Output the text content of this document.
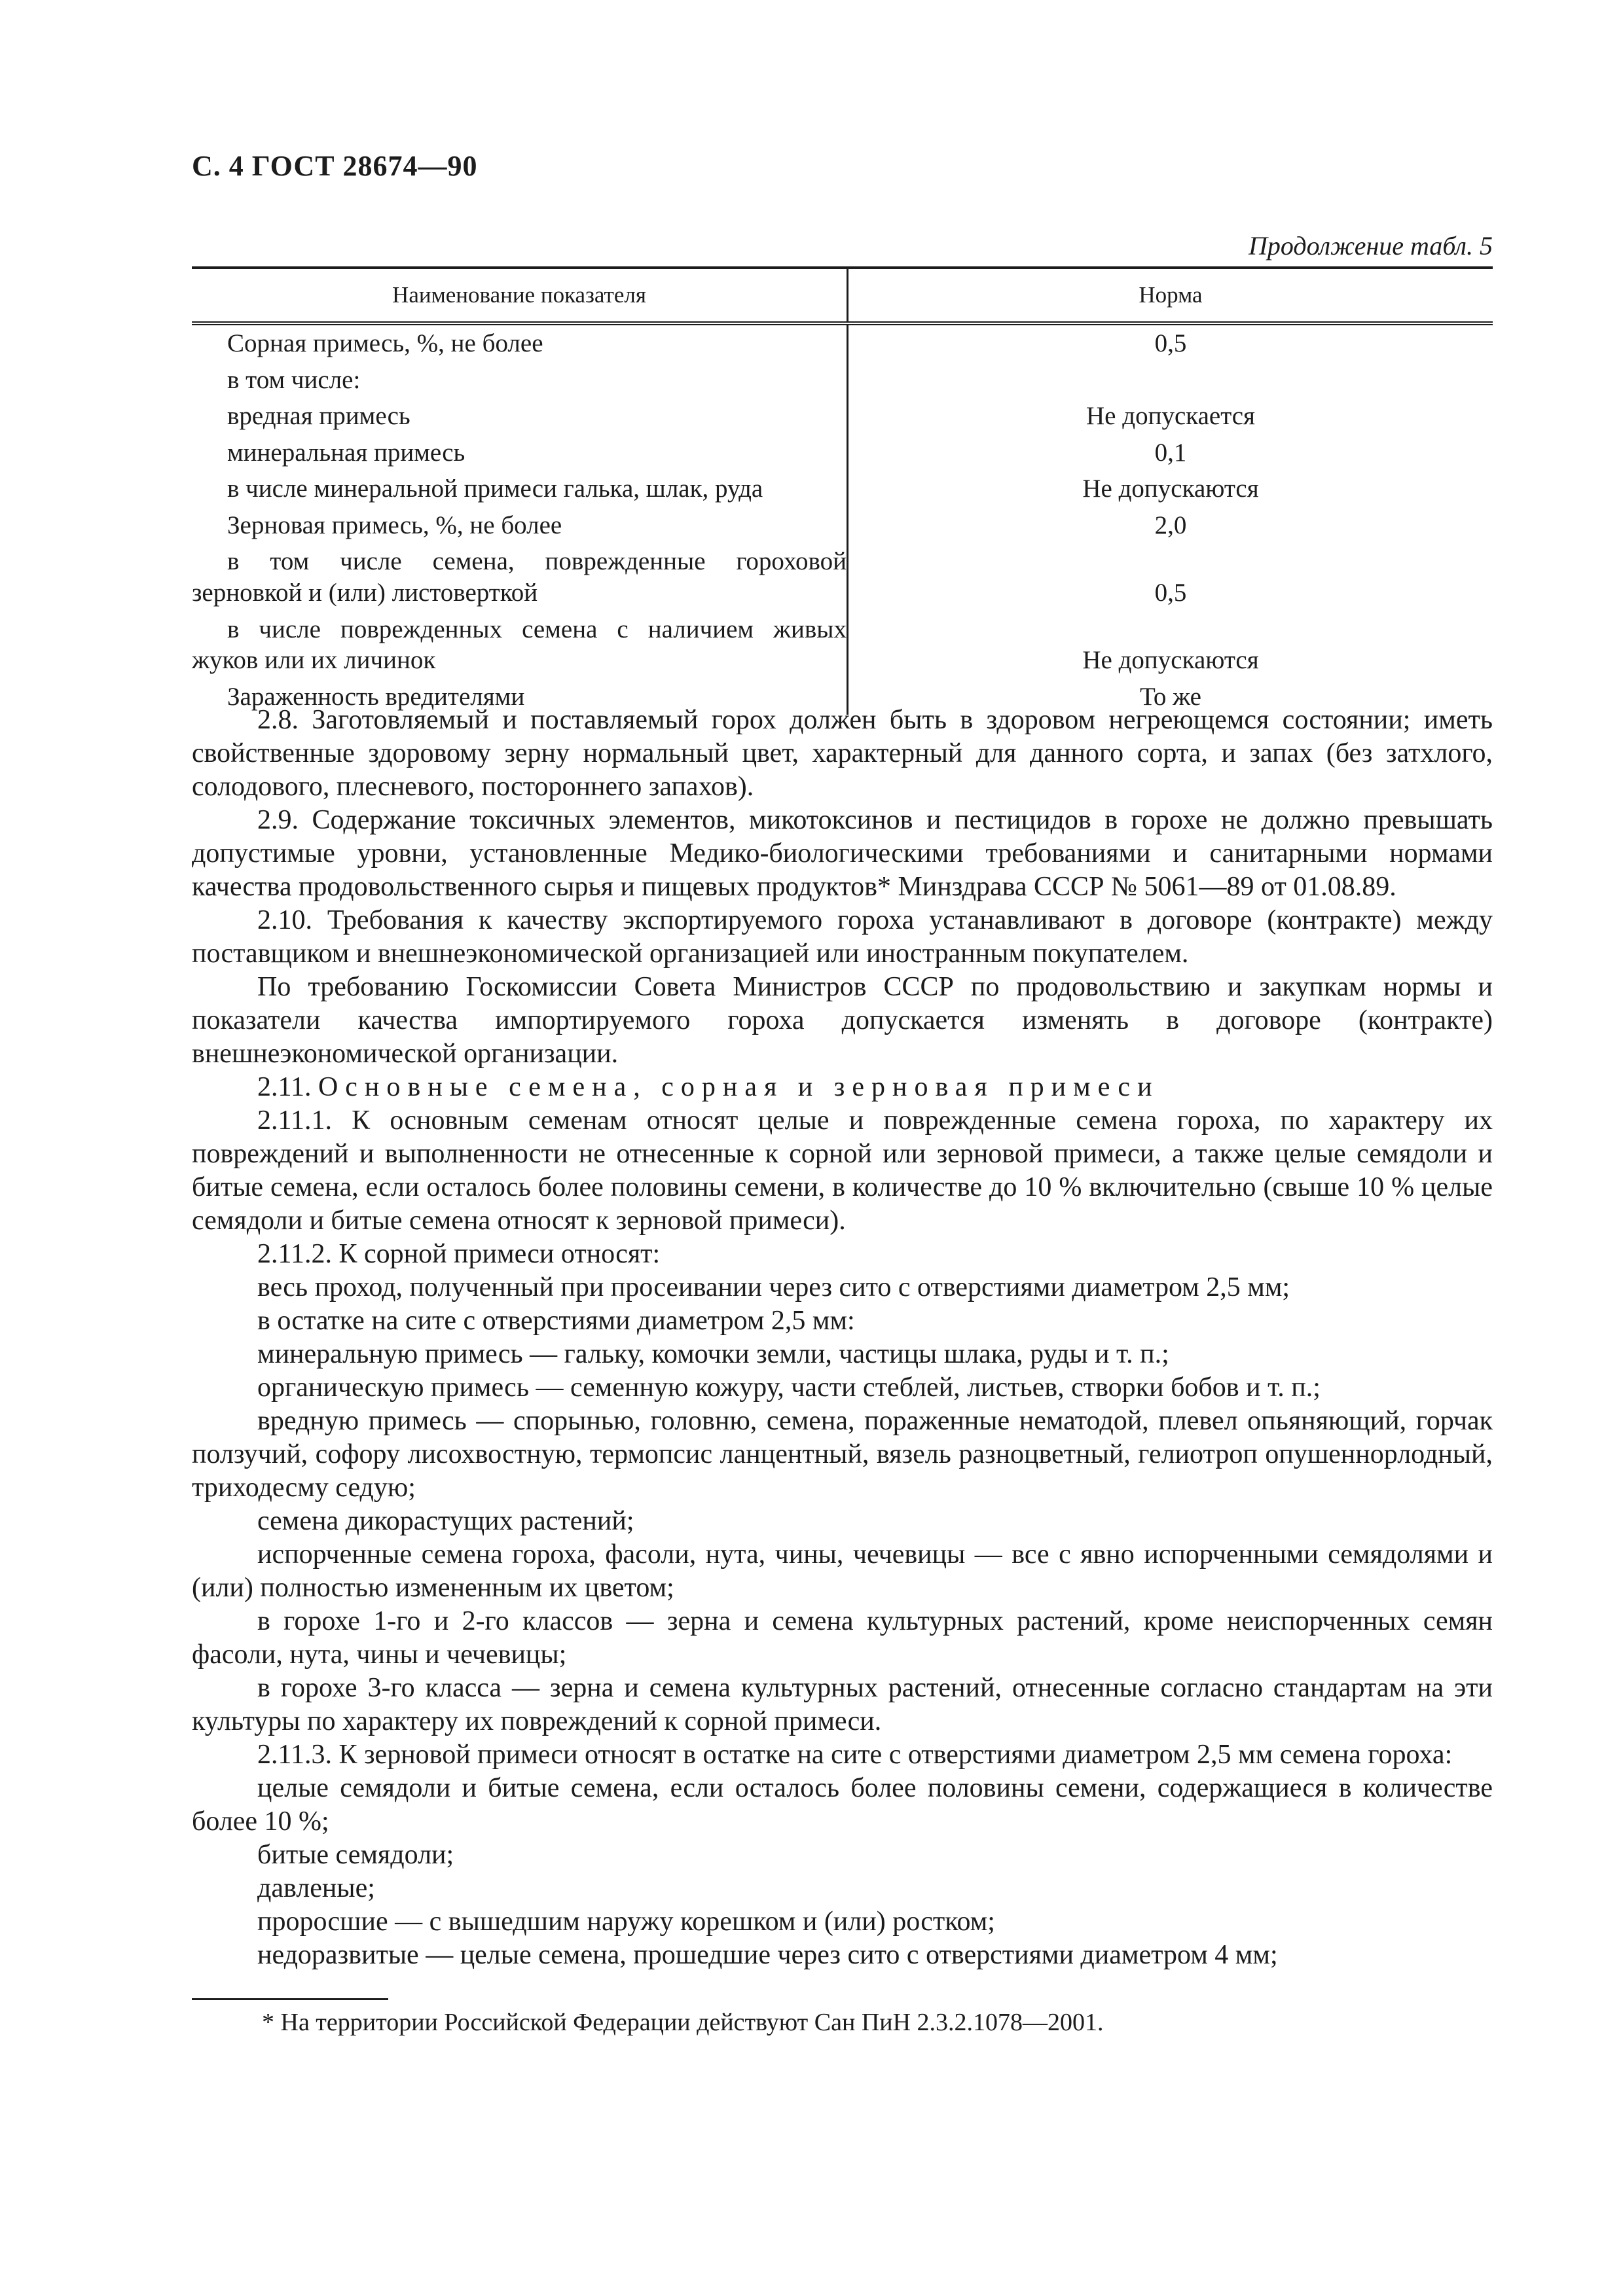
С. 4 ГОСТ 28674—90
Продолжение табл. 5
Наименование показателя	Норма
Сорная примесь, %, не более	0,5
в том числе:	
вредная примесь	Не допускается
минеральная примесь	0,1
в числе минеральной примеси галька, шлак, руда	Не допускаются
Зерновая примесь, %, не более	2,0

в том числе семена, поврежденные гороховой
зерновкой и (или) листоверткой	0,5

в числе поврежденных семена с наличием живых
жуков или их личинок	Не допускаются
Зараженность вредителями	То же

2.8. Заготовляемый и поставляемый горох должен быть в здоровом негреющемся состоянии; иметь свойственные здоровому зерну нормальный цвет, характерный для данного сорта, и запах (без затхлого, солодового, плесневого, постороннего запахов).

2.9. Содержание токсичных элементов, микотоксинов и пестицидов в горохе не должно превышать допустимые уровни, установленные Медико-биологическими требованиями и санитарными нормами качества продовольственного сырья и пищевых продуктов* Минздрава СССР № 5061—89 от 01.08.89.

2.10. Требования к качеству экспортируемого гороха устанавливают в договоре (контракте) между поставщиком и внешнеэкономической организацией или иностранным покупателем.

По требованию Госкомиссии Совета Министров СССР по продовольствию и закупкам нормы и показатели качества импортируемого гороха допускается изменять в договоре (контракте) внешнеэкономической организации.

2.11. Основные семена, сорная и зерновая примеси

2.11.1. К основным семенам относят целые и поврежденные семена гороха, по характеру их повреждений и выполненности не отнесенные к сорной или зерновой примеси, а также целые семядоли и битые семена, если осталось более половины семени, в количестве до 10 % включительно (свыше 10 % целые семядоли и битые семена относят к зерновой примеси).

2.11.2. К сорной примеси относят:

весь проход, полученный при просеивании через сито с отверстиями диаметром 2,5 мм;

в остатке на сите с отверстиями диаметром 2,5 мм:

минеральную примесь — гальку, комочки земли, частицы шлака, руды и т. п.;

органическую примесь — семенную кожуру, части стеблей, листьев, створки бобов и т. п.;

вредную примесь — спорынью, головню, семена, пораженные нематодой, плевел опьяняющий, горчак ползучий, софору лисохвостную, термопсис ланцентный, вязель разноцветный, гелиотроп опушеннорлодный, триходесму седую;

семена дикорастущих растений;

испорченные семена гороха, фасоли, нута, чины, чечевицы — все с явно испорченными семядолями и (или) полностью измененным их цветом;

в горохе 1-го и 2-го классов — зерна и семена культурных растений, кроме неиспорченных семян фасоли, нута, чины и чечевицы;

в горохе 3-го класса — зерна и семена культурных растений, отнесенные согласно стандартам на эти культуры по характеру их повреждений к сорной примеси.

2.11.3. К зерновой примеси относят в остатке на сите с отверстиями диаметром 2,5 мм семена гороха:

целые семядоли и битые семена, если осталось более половины семени, содержащиеся в количестве более 10 %;

битые семядоли;

давленые;

проросшие — с вышедшим наружу корешком и (или) ростком;

недоразвитые — целые семена, прошедшие через сито с отверстиями диаметром 4 мм;

* На территории Российской Федерации действуют Сан ПиН 2.3.2.1078—2001.
